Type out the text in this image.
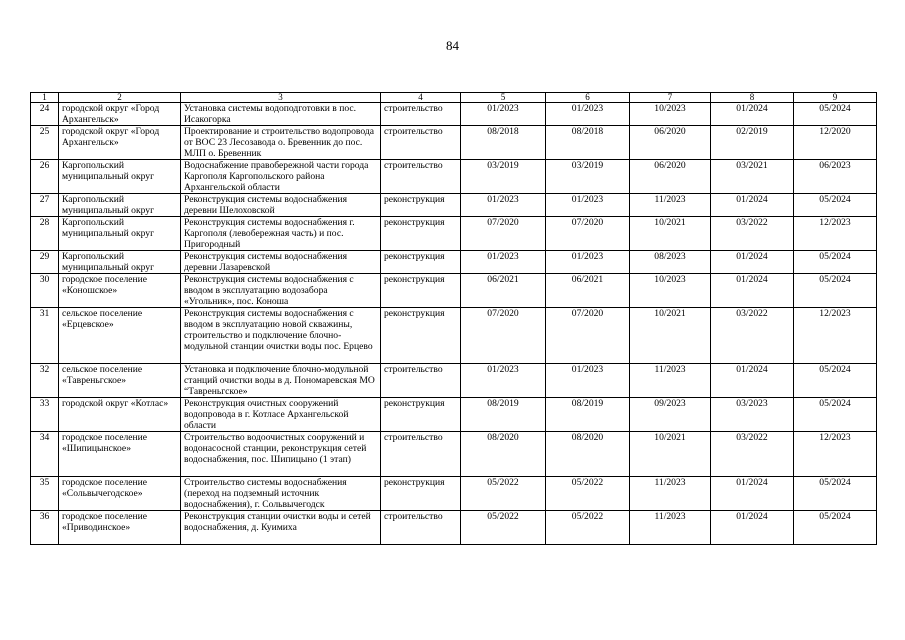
84
1	2	3	4	5	6	7	8	9
24	городской округ «Город Архангельск»	Установка системы водоподготовки в пос. Исакогорка	строительство	01/2023	01/2023	10/2023	01/2024	05/2024
25	городской округ «Город Архангельск»	Проектирование и строительство водопровода от ВОС 23 Лесозавода о. Бревенник до пос. МЛП о. Бревенник	строительство	08/2018	08/2018	06/2020	02/2019	12/2020
26	Каргопольский муниципальный округ	Водоснабжение правобережной части города Каргополя Каргопольского района Архангельской области	строительство	03/2019	03/2019	06/2020	03/2021	06/2023
27	Каргопольский муниципальный округ	Реконструкция системы водоснабжения деревни Шелоховской	реконструкция	01/2023	01/2023	11/2023	01/2024	05/2024
28	Каргопольский муниципальный округ	Реконструкция системы водоснабжения г. Каргополя (левобережная часть) и пос. Пригородный	реконструкция	07/2020	07/2020	10/2021	03/2022	12/2023
29	Каргопольский муниципальный округ	Реконструкция системы водоснабжения деревни Лазаревской	реконструкция	01/2023	01/2023	08/2023	01/2024	05/2024
30	городское поселение «Коношское»	Реконструкция системы водоснабжения с вводом в эксплуатацию водозабора «Угольник», пос. Коноша	реконструкция	06/2021	06/2021	10/2023	01/2024	05/2024
31	сельское поселение «Ерцевское»	Реконструкция системы водоснабжения с вводом в эксплуатацию новой скважины, строительство и подключение блочно-модульной станции очистки воды пос. Ерцево	реконструкция	07/2020	07/2020	10/2021	03/2022	12/2023
32	сельское поселение «Тавреньгское»	Установка и подключение блочно-модульной станций очистки воды в д. Пономаревская МО “Тавреньгское»	строительство	01/2023	01/2023	11/2023	01/2024	05/2024
33	городской округ «Котлас»	Реконструкция очистных сооружений водопровода в г. Котласе Архангельской области	реконструкция	08/2019	08/2019	09/2023	03/2023	05/2024
34	городское поселение «Шипицынское»	Строительство водоочистных сооружений и водонасосной станции, реконструкция сетей водоснабжения, пос. Шипицыно (1 этап)	строительство	08/2020	08/2020	10/2021	03/2022	12/2023
35	городское поселение «Сольвычегодское»	Строительство системы водоснабжения (переход на подземный источник водоснабжения), г. Сольвычегодск	реконструкция	05/2022	05/2022	11/2023	01/2024	05/2024
36	городское поселение «Приводинское»	Реконструкция станции очистки воды и сетей водоснабжения, д. Куимиха	строительство	05/2022	05/2022	11/2023	01/2024	05/2024
